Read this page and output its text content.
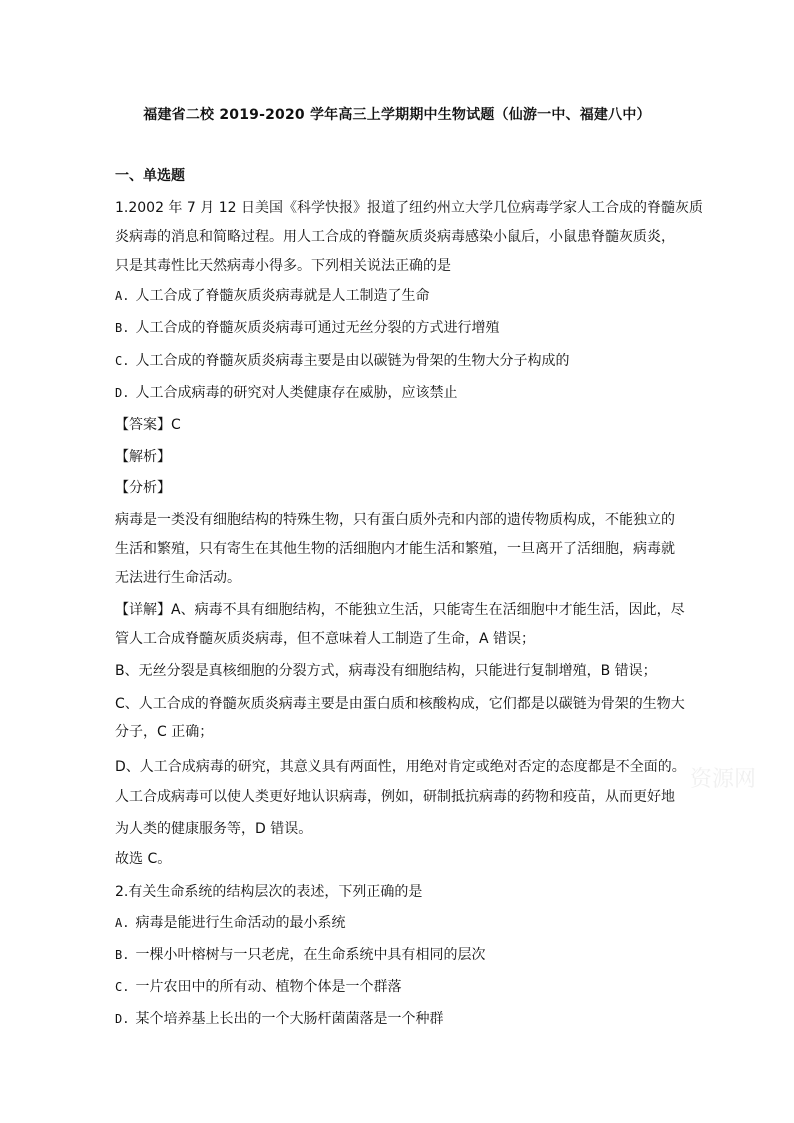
福建省二校 2019-2020 学年高三上学期期中生物试题（仙游一中、福建八中）
一、单选题
1.2002 年 7 月 12 日美国《科学快报》报道了纽约州立大学几位病毒学家人工合成的脊髓灰质
炎病毒的消息和简略过程。用人工合成的脊髓灰质炎病毒感染小鼠后，小鼠患脊髓灰质炎，
只是其毒性比天然病毒小得多。下列相关说法正确的是
A. 人工合成了脊髓灰质炎病毒就是人工制造了生命
B. 人工合成的脊髓灰质炎病毒可通过无丝分裂的方式进行增殖
C. 人工合成的脊髓灰质炎病毒主要是由以碳链为骨架的生物大分子构成的
D. 人工合成病毒的研究对人类健康存在威胁，应该禁止
【答案】C
【解析】
【分析】
病毒是一类没有细胞结构的特殊生物，只有蛋白质外壳和内部的遗传物质构成，不能独立的
生活和繁殖，只有寄生在其他生物的活细胞内才能生活和繁殖，一旦离开了活细胞，病毒就
无法进行生命活动。
【详解】A、病毒不具有细胞结构，不能独立生活，只能寄生在活细胞中才能生活，因此，尽
管人工合成脊髓灰质炎病毒，但不意味着人工制造了生命，A 错误；
B、无丝分裂是真核细胞的分裂方式，病毒没有细胞结构，只能进行复制增殖，B 错误；
C、人工合成的脊髓灰质炎病毒主要是由蛋白质和核酸构成，它们都是以碳链为骨架的生物大
分子，C 正确；
D、人工合成病毒的研究，其意义具有两面性，用绝对肯定或绝对否定的态度都是不全面的。
人工合成病毒可以使人类更好地认识病毒，例如，研制抵抗病毒的药物和疫苗，从而更好地
为人类的健康服务等，D 错误。
故选 C。
资源网
2.有关生命系统的结构层次的表述，下列正确的是
A. 病毒是能进行生命活动的最小系统
B. 一棵小叶榕树与一只老虎，在生命系统中具有相同的层次
C. 一片农田中的所有动、植物个体是一个群落
D. 某个培养基上长出的一个大肠杆菌菌落是一个种群
